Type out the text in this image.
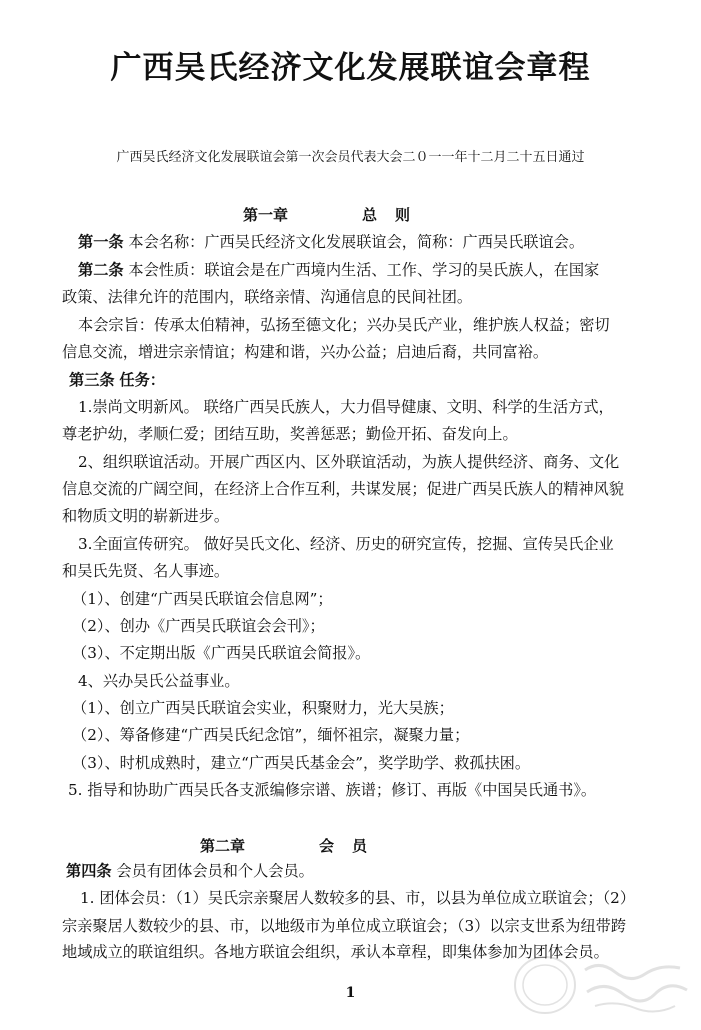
广西吴氏经济文化发展联谊会章程
广西吴氏经济文化发展联谊会第一次会员代表大会二０一一年十二月二十五日通过
第一章	总则
第一条 本会名称：广西吴氏经济文化发展联谊会，简称：广西吴氏联谊会。
第二条 本会性质：联谊会是在广西境内生活、工作、学习的吴氏族人，在国家
政策、法律允许的范围内，联络亲情、沟通信息的民间社团。
本会宗旨：传承太伯精神，弘扬至德文化；兴办吴氏产业，维护族人权益；密切
信息交流，增进宗亲情谊；构建和谐，兴办公益；启迪后裔，共同富裕。
第三条 任务：
1.崇尚文明新风。 联络广西吴氏族人，大力倡导健康、文明、科学的生活方式，
尊老护幼，孝顺仁爱；团结互助，奖善惩恶；勤俭开拓、奋发向上。
2、组织联谊活动。开展广西区内、区外联谊活动，为族人提供经济、商务、文化
信息交流的广阔空间，在经济上合作互利，共谋发展；促进广西吴氏族人的精神风貌
和物质文明的崭新进步。
3.全面宣传研究。 做好吴氏文化、经济、历史的研究宣传，挖掘、宣传吴氏企业
和吴氏先贤、名人事迹。
（1）、创建“广西吴氏联谊会信息网”；
（2）、创办《广西吴氏联谊会会刊》；
（3）、不定期出版《广西吴氏联谊会简报》。
4、兴办吴氏公益事业。
（1）、创立广西吴氏联谊会实业，积聚财力，光大吴族；
（2）、筹备修建“广西吴氏纪念馆”，缅怀祖宗，凝聚力量；
（3）、时机成熟时，建立“广西吴氏基金会”，奖学助学、救孤扶困。
5. 指导和协助广西吴氏各支派编修宗谱、族谱；修订、再版《中国吴氏通书》。
第二章	会员
第四条 会员有团体会员和个人会员。
1. 团体会员：（1）吴氏宗亲聚居人数较多的县、市，以县为单位成立联谊会；（2）
宗亲聚居人数较少的县、市，以地级市为单位成立联谊会；（3）以宗支世系为纽带跨
地域成立的联谊组织。各地方联谊会组织，承认本章程，即集体参加为团体会员。
1
